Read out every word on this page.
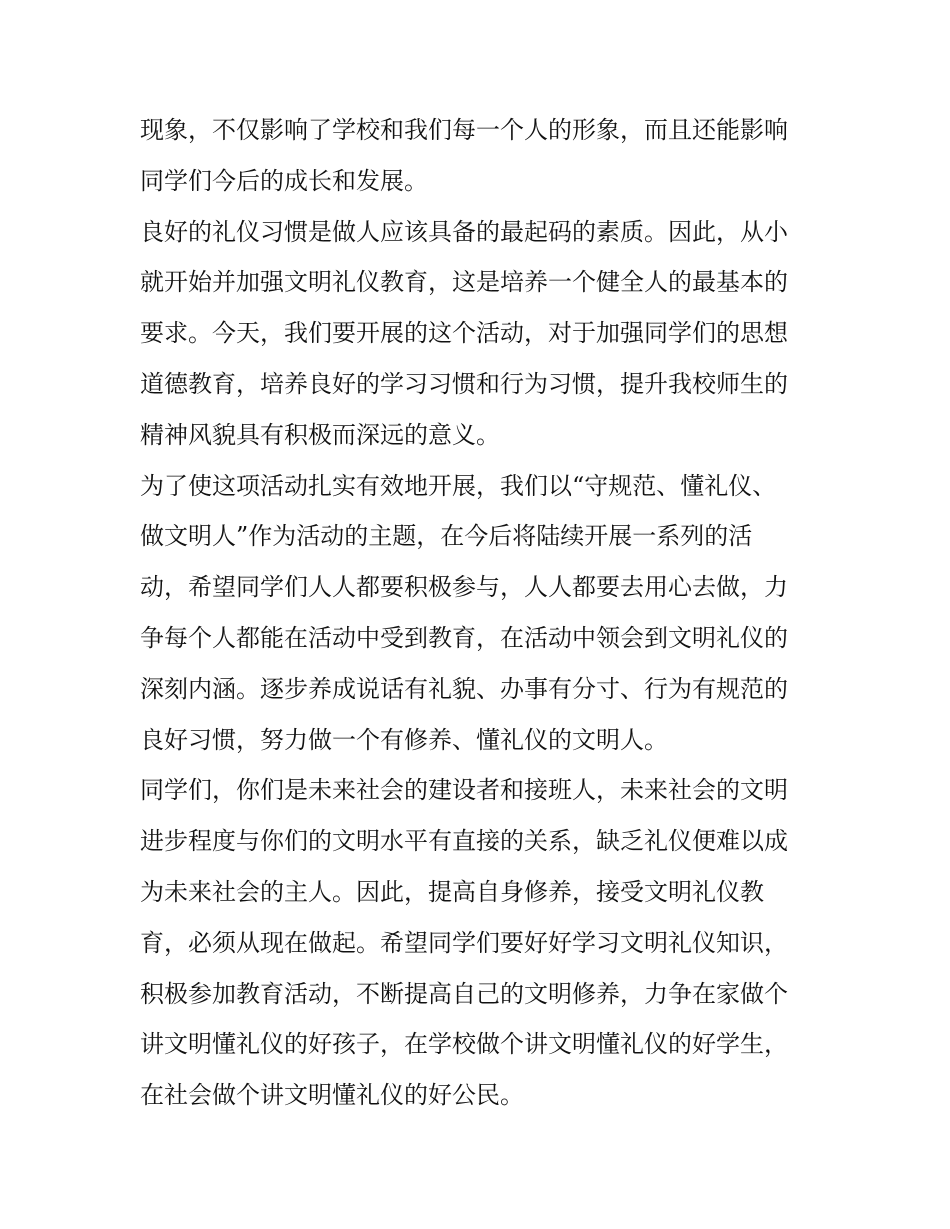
现象，不仅影响了学校和我们每一个人的形象，而且还能影响
同学们今后的成长和发展。
良好的礼仪习惯是做人应该具备的最起码的素质。因此，从小
就开始并加强文明礼仪教育，这是培养一个健全人的最基本的
要求。今天，我们要开展的这个活动，对于加强同学们的思想
道德教育，培养良好的学习习惯和行为习惯，提升我校师生的
精神风貌具有积极而深远的意义。
为了使这项活动扎实有效地开展，我们以“守规范、懂礼仪、
做文明人”作为活动的主题，在今后将陆续开展一系列的活
动，希望同学们人人都要积极参与，人人都要去用心去做，力
争每个人都能在活动中受到教育，在活动中领会到文明礼仪的
深刻内涵。逐步养成说话有礼貌、办事有分寸、行为有规范的
良好习惯，努力做一个有修养、懂礼仪的文明人。
同学们，你们是未来社会的建设者和接班人，未来社会的文明
进步程度与你们的文明水平有直接的关系，缺乏礼仪便难以成
为未来社会的主人。因此，提高自身修养，接受文明礼仪教
育，必须从现在做起。希望同学们要好好学习文明礼仪知识，
积极参加教育活动，不断提高自己的文明修养，力争在家做个
讲文明懂礼仪的好孩子，在学校做个讲文明懂礼仪的好学生，
在社会做个讲文明懂礼仪的好公民。
